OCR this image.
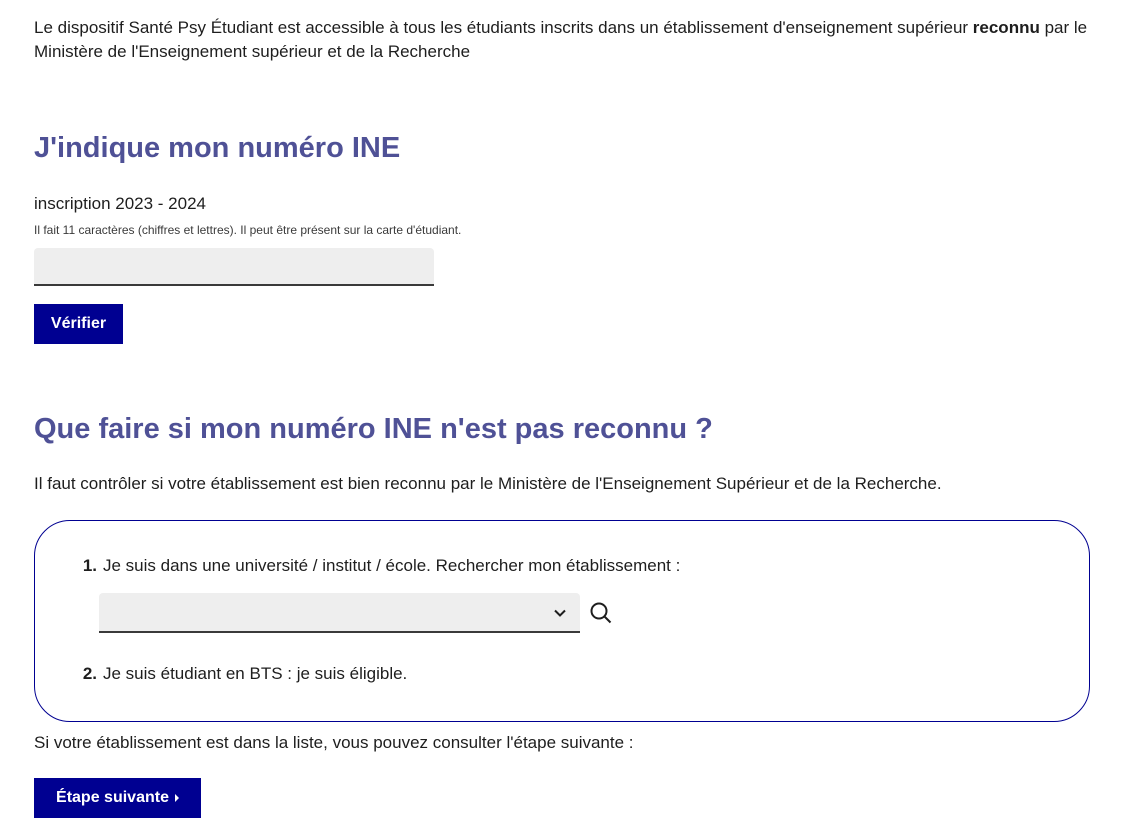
Le dispositif Santé Psy Étudiant est accessible à tous les étudiants inscrits dans un établissement d'enseignement supérieur reconnu par le Ministère de l'Enseignement supérieur et de la Recherche

J'indique mon numéro INE
inscription 2023 - 2024
Il fait 11 caractères (chiffres et lettres). Il peut être présent sur la carte d'étudiant.
Vérifier
Que faire si mon numéro INE n'est pas reconnu ?
Il faut contrôler si votre établissement est bien reconnu par le Ministère de l'Enseignement Supérieur et de la Recherche.
1. Je suis dans une université / institut / école. Rechercher mon établissement :
2. Je suis étudiant en BTS : je suis éligible.
Si votre établissement est dans la liste, vous pouvez consulter l'étape suivante :
Étape suivante
